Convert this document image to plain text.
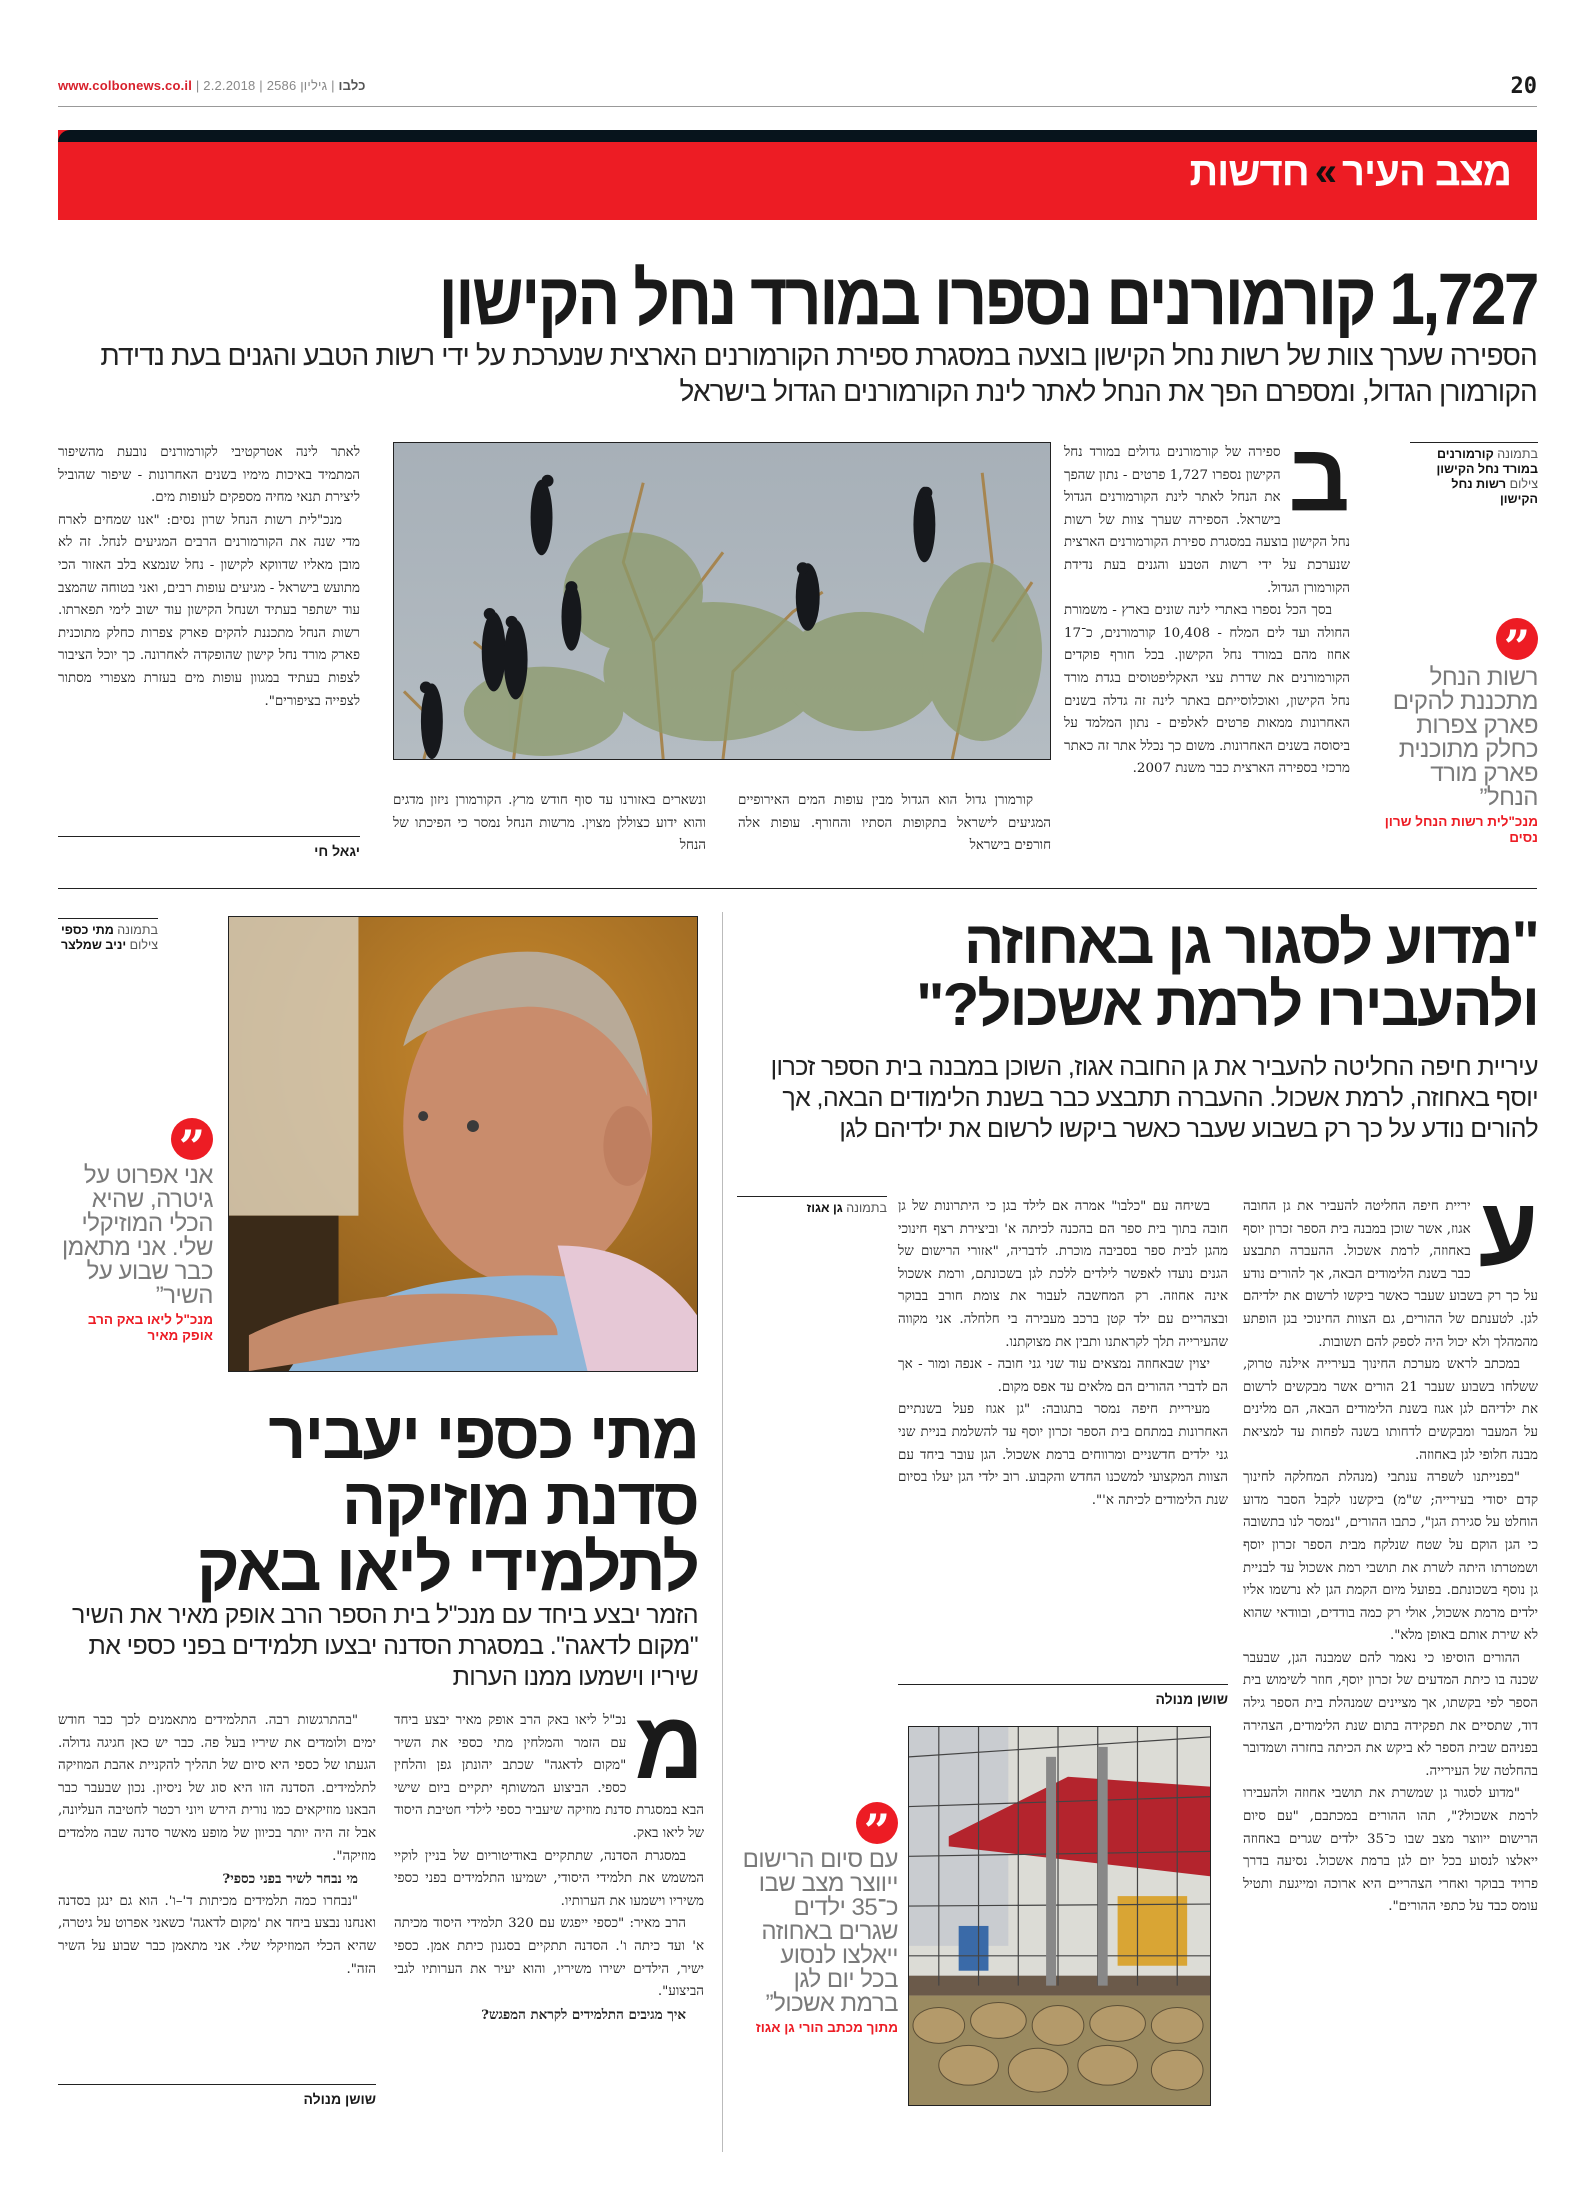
www.colbonews.co.il |	כלבו | גיליון 2586 | 2.2.2018	20
מצב העיר»חדשות
1,727 קורמורנים נספרו במורד נחל הקישון
הספירה שערך צוות של רשות נחל הקישון בוצעה במסגרת ספירת הקורמורנים הארצית שנערכת על ידי רשות הטבע והגנים בעת נדידת הקורמורן הגדול, ומספרם הפך את הנחל לאתר לינת הקורמורנים הגדול בישראל
בתמונה קורמורנים במורד נחל הקישון
צילום רשות נחל הקישון
”
רשות הנחל מתכננת להקים פארק צפרות כחלק מתוכנית פארק מורד הנחל”
מנכ"לית רשות הנחל שרון נסים
ב

ספירה של קורמורנים גדולים במורד נחל הקישון נספרו 1,727 פרטים - נתון שהפך את הנחל לאתר לינת הקורמורנים הגדול בישראל. הספירה שערך צוות של רשות נחל הקישון בוצעה במסגרת ספירת הקורמורנים הארצית שנערכת על ידי רשות הטבע והגנים בעת נדידת הקורמורן הגדול.

בסך הכל נספרו באתרי לינה שונים בארץ - משמורת החולה ועד לים המלח - 10,408 קורמורנים, כ־17 אחוז מהם במורד נחל הקישון. בכל חורף פוקדים הקורמורנים את שדרת עצי האקליפטוסים בגדת מורד נחל הקישון, ואוכלוסייתם באתר לינה זה גדלה בשנים האחרונות ממאות פרטים לאלפים - נתון המלמד על ביסוסה בשנים האחרונות. משום כך נכלל אתר זה כאתר מרכזי בספירה הארצית כבר משנת 2007.

קורמורן גדול הוא הגדול מבין עופות המים האירופיים המגיעים לישראל בתקופות הסתיו והחורף. עופות אלה חורפים בישראל

ונשארים באזורנו עד סוף חודש מרץ. הקורמורן ניזון מדגים והוא ידוע כצוללן מצוין. מרשות הנחל נמסר כי הפיכתו של הנחל

לאתר לינה אטרקטיבי לקורמורנים נובעת מהשיפור המתמיד באיכות מימיו בשנים האחרונות - שיפור שהוביל ליצירת תנאי מחיה מספקים לעופות מים.

מנכ"לית רשות הנחל שרון נסים: "אנו שמחים לארח מדי שנה את הקורמורנים הרבים המגיעים לנחל. זה לא מובן מאליו שדווקא לקישון - נחל שנמצא בלב האזור הכי מתועש בישראל - מגיעים עופות רבים, ואני בטוחה שהמצב עוד ישתפר בעתיד ושנחל הקישון עוד ישוב לימי תפארתו. רשות הנחל מתכננת להקים פארק צפרות כחלק מתוכנית פארק מורד נחל קישון שהופקדה לאחרונה. כך יוכל הציבור לצפות בעתיד במגוון עופות מים בעזרת מצפורי מסתור לצפייה בציפורים".

יגאל חי
"מדוע לסגור גן באחוזה ולהעבירו לרמת אשכול?"
עיריית חיפה החליטה להעביר את גן החובה אגוז, השוכן במבנה בית הספר זכרון יוסף באחוזה, לרמת אשכול. ההעברה תתבצע כבר בשנת הלימודים הבאה, אך להורים נודע על כך רק בשבוע שעבר כאשר ביקשו לרשום את ילדיהם לגן
ע

יריית חיפה החליטה להעביר את גן החובה אגוז, אשר שוכן במבנה בית הספר זכרון יוסף באחוזה, לרמת אשכול. ההעברה תתבצע כבר בשנת הלימודים הבאה, אך להורים נודע על כך רק בשבוע שעבר כאשר ביקשו לרשום את ילדיהם לגן. לטענתם של ההורים, גם הצוות החינוכי בגן הופתע מהמהלך ולא יכול היה לספק להם תשובות.

במכתב לראש מערכת החינוך בעירייה אילנה טרוק, ששלחו בשבוע שעבר 21 הורים אשר מבקשים לרשום את ילדיהם לגן אגוז בשנת הלימודים הבאה, הם מלינים על המעבר ומבקשים לדחותו בשנה לפחות עד למציאת מבנה חלופי לגן באחוזה.

"בפנייתנו לשפרה ענתבי (מנהלת המחלקה לחינוך קדם יסודי בעירייה; ש"מ) ביקשנו לקבל הסבר מדוע הוחלט על סגירת הגן", כתבו ההורים, "נמסר לנו בתשובה כי הגן הוקם על שטח שנלקח מבית הספר זכרון יוסף ושמטרתו היתה לשרת את תושבי רמת אשכול עד לבניית גן נוסף בשכונתם. בפועל מיום הקמת הגן לא נרשמו אליו ילדים מרמת אשכול, אולי רק כמה בודדים, ובוודאי שהוא לא שירת אותם באופן מלא".

ההורים הוסיפו כי נאמר להם שמבנה הגן, שבעבר שכנה בו כיתת המדעים של זכרון יוסף, חוזר לשימוש בית הספר לפי בקשתו, אך מציינים שמנהלת בית הספר גילה דוד, שתסיים את תפקידה בתום שנת הלימודים, הצהירה בפניהם שבית הספר לא ביקש את הכיתה בחזרה ושמדובר בהחלטה של העירייה.

"מדוע לסגור גן שמשרת את תושבי אחוזה ולהעבירו לרמת אשכול?", תהו ההורים במכתבם, "עם סיום הרישום ייווצר מצב שבו כ־35 ילדים שגרים באחוזה ייאלצו לנסוע בכל יום לגן ברמת אשכול. נסיעה בדרך פרויד בבוקר ואחרי הצהריים היא ארוכה ומייגעת ותטיל עומס כבד על כתפי ההורים".

בתמונה גן אגוז	בשיחה עם "כלבו" אמרה אם לילד בגן כי היתרונות של גן חובה בתוך בית ספר הם בהכנה לכיתה א' וביצירת רצף חינוכי מהגן לבית ספר בסביבה מוכרת. לדבריה, "אזורי הרישום של הגנים נועדו לאפשר לילדים ללכת לגן בשכונתם, ורמת אשכול אינה אחוזה. רק המחשבה לעבור את צומת חורב בבוקר ובצהריים עם ילד קטן ברכב מעבירה בי חלחלה. אני מקווה שהעירייה תלך לקראתנו ותבין את מצוקתנו.

יצוין שבאחוזה נמצאים עוד שני גני חובה - אנפה ומור - אך הם לדברי ההורים הם מלאים עד אפס מקום.

מעיריית חיפה נמסר בתגובה: "גן אגוז פעל בשנתיים האחרונות במתחם בית הספר זכרון יוסף עד להשלמת בניית שני גני ילדים חדשניים ומרווחים ברמת אשכול. הגן עובר ביחד עם הצוות המקצועי למשכנו החדש והקבוע. רוב ילדי הגן יעלו בסיום שנת הלימודים לכיתה א'".

שושן מנולה
”
עם סיום הרישום ייווצר מצב שבו כ־35 ילדים שגרים באחוזה ייאלצו לנסוע בכל יום לגן ברמת אשכול”
מתוך מכתב הורי גן אגוז
בתמונה מתי כספי
צילום יניב שמלצר
”
אני אפרוט על גיטרה, שהיא הכלי המוזיקלי שלי. אני מתאמן כבר שבוע על השיר”
מנכ"ל ליאו באק הרב אופק מאיר
מתי כספי יעביר
סדנת מוזיקה
לתלמידי ליאו באק
הזמר יבצע ביחד עם מנכ"ל בית הספר הרב אופק מאיר את השיר "מקום לדאגה". במסגרת הסדנה יבצעו תלמידים בפני כספי את שיריו וישמעו ממנו הערות
מ

נכ"ל ליאו באק הרב אופק מאיר יבצע ביחד עם הזמר והמלחין מתי כספי את השיר "מקום לדאגה" שכתב יהונתן גפן והלחין כספי. הביצוע המשותף יתקיים ביום שישי הבא במסגרת סדנת מוזיקה שיעביר כספי לילדי חטיבת היסוד של ליאו באק.

במסגרת הסדנה, שתתקיים באודיטוריום של בניין לוקיי המשמש את תלמידי היסודי, ישמיעו התלמידים בפני כספי משיריו וישמעו את הערותיו.

הרב מאיר: "כספי ייפגש עם 320 תלמידי היסוד מכיתה א' ועד כיתה ו'. הסדנה תתקיים בסגנון כיתת אמן. כספי ישיר, הילדים ישירו משיריו, והוא יעיר את הערותיו לגבי הביצוע".

איך מגיבים התלמידים לקראת המפגש?

"בהתרגשות רבה. התלמידים מתאמנים לכך כבר חודש ימים ולומדים את שיריו בעל פה. כבר יש כאן חגיגה גדולה. הגעתו של כספי היא סיום של תהליך להקניית אהבת המוזיקה לתלמידים. הסדנה הזו היא סוג של ניסיון. נכון שבעבר כבר הבאנו מוזיקאים כמו נורית הירש ויוני רכטר לחטיבה העליונה, אבל זה היה יותר בכיוון של מופע מאשר סדנה שבה מלמדים מוזיקה".

מי נבחר לשיר בפני כספי?

"נבחרו כמה תלמידים מכיתות ד'–ו'. הוא גם ינגן בסדנה ואנחנו נבצע ביחד את 'מקום לדאגה' כשאני אפרוט על גיטרה, שהיא הכלי המוזיקלי שלי. אני מתאמן כבר שבוע על השיר הזה".

שושן מנולה
